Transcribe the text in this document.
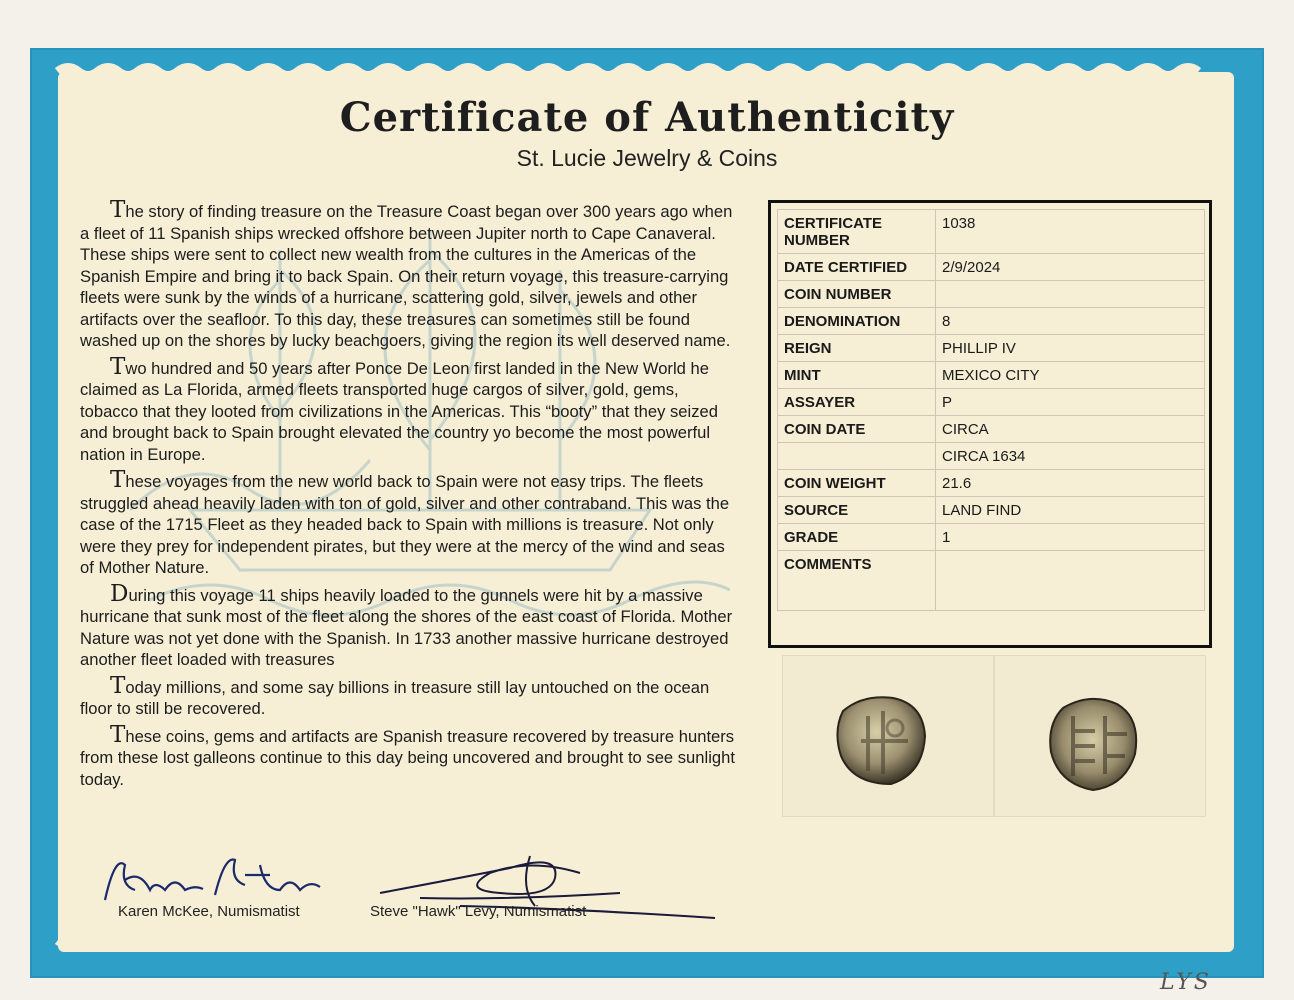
Certificate of Authenticity
St. Lucie Jewelry & Coins

The story of finding treasure on the Treasure Coast began over 300 years ago when a fleet of 11 Spanish ships wrecked offshore between Jupiter north to Cape Canaveral. These ships were sent to collect new wealth from the cultures in the Americas of the Spanish Empire and bring it to back Spain. On their return voyage, this treasure-carrying fleets were sunk by the winds of a hurricane, scattering gold, silver, jewels and other artifacts over the seafloor. To this day, these treasures can sometimes still be found washed up on the shores by lucky beachgoers, giving the region its well deserved name.

Two hundred and 50 years after Ponce De Leon first landed in the New World he claimed as La Florida, armed fleets transported huge cargos of silver, gold, gems, tobacco that they looted from civilizations in the Americas. This “booty” that they seized and brought back to Spain brought elevated the country yo become the most powerful nation in Europe.

These voyages from the new world back to Spain were not easy trips. The fleets struggled ahead heavily laden with ton of gold, silver and other contraband. This was the case of the 1715 Fleet as they headed back to Spain with millions is treasure. Not only were they prey for independent pirates, but they were at the mercy of the wind and seas of Mother Nature.

During this voyage 11 ships heavily loaded to the gunnels were hit by a massive hurricane that sunk most of the fleet along the shores of the east coast of Florida. Mother Nature was not yet done with the Spanish. In 1733 another massive hurricane destroyed another fleet loaded with treasures

Today millions, and some say billions in treasure still lay untouched on the ocean floor to still be recovered.

These coins, gems and artifacts are Spanish treasure recovered by treasure hunters from these lost galleons continue to this day being uncovered and brought to see sunlight today.

CERTIFICATE NUMBER	1038
DATE CERTIFIED	2/9/2024
COIN NUMBER	
DENOMINATION	8
REIGN	PHILLIP IV
MINT	MEXICO CITY
ASSAYER	P
COIN DATE	CIRCA
	CIRCA 1634
COIN WEIGHT	21.6
SOURCE	LAND FIND
GRADE	1
COMMENTS	
Karen McKee, Numismatist	Steve "Hawk" Levy, Numismatist
LYS
